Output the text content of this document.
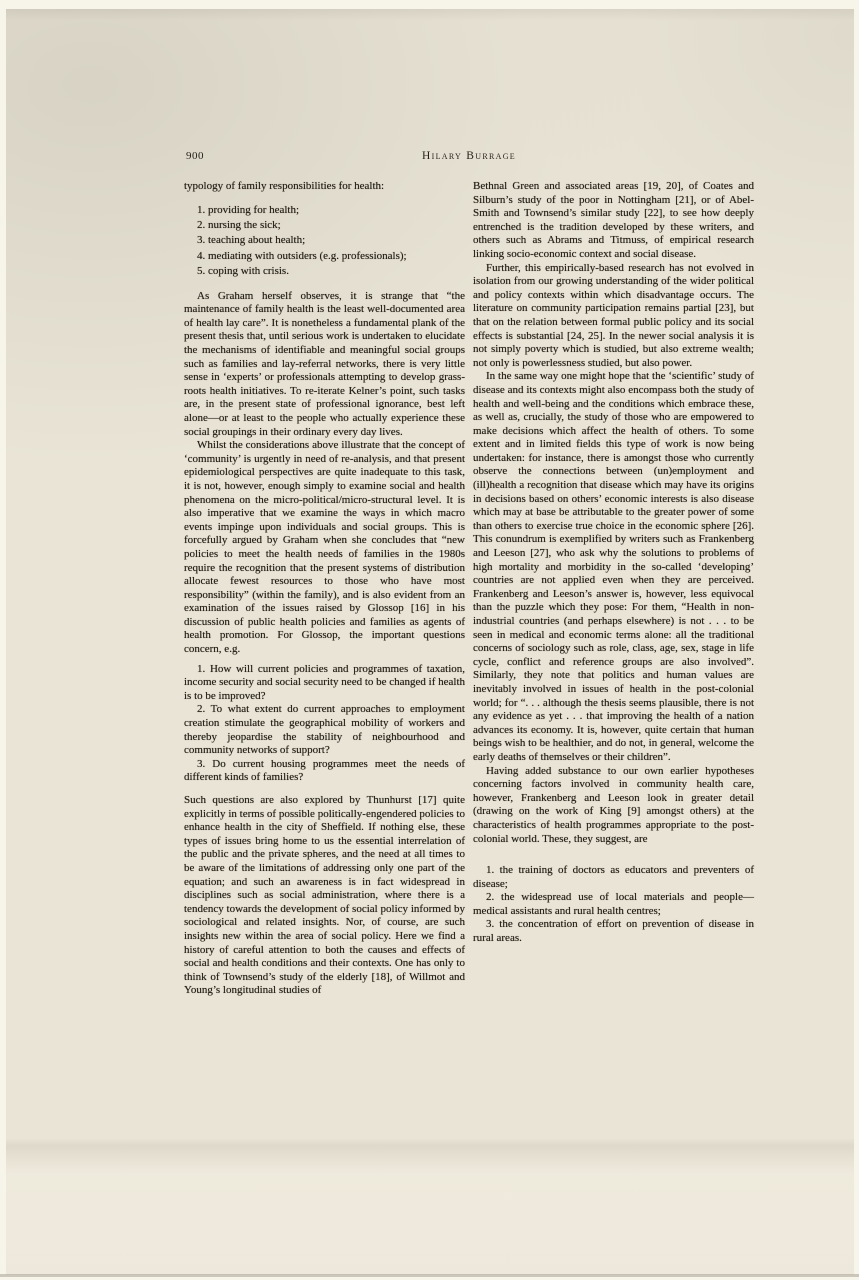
900	Hilary Burrage

typology of family responsibilities for health:

1. providing for health;

2. nursing the sick;

3. teaching about health;

4. mediating with outsiders (e.g. professionals);

5. coping with crisis.

As Graham herself observes, it is strange that “the maintenance of family health is the least well-documented area of health lay care”. It is nonetheless a fundamental plank of the present thesis that, until serious work is undertaken to elucidate the mechanisms of identifiable and meaningful social groups such as families and lay-referral networks, there is very little sense in ‘experts’ or professionals attempting to develop grass-roots health initiatives. To re-iterate Kelner’s point, such tasks are, in the present state of professional ignorance, best left alone—or at least to the people who actually experience these social groupings in their ordinary every day lives.

Whilst the considerations above illustrate that the concept of ‘community’ is urgently in need of re-analysis, and that present epidemiological perspectives are quite inadequate to this task, it is not, however, enough simply to examine social and health phenomena on the micro-political/micro-structural level. It is also imperative that we examine the ways in which macro events impinge upon individuals and social groups. This is forcefully argued by Graham when she concludes that “new policies to meet the health needs of families in the 1980s require the recognition that the present systems of distribution allocate fewest resources to those who have most responsibility” (within the family), and is also evident from an examination of the issues raised by Glossop [16] in his discussion of public health policies and families as agents of health promotion. For Glossop, the important questions concern, e.g.

1. How will current policies and programmes of taxation, income security and social security need to be changed if health is to be improved?

2. To what extent do current approaches to employment creation stimulate the geographical mobility of workers and thereby jeopardise the stability of neighbourhood and community networks of support?

3. Do current housing programmes meet the needs of different kinds of families?

Such questions are also explored by Thunhurst [17] quite explicitly in terms of possible politically-engendered policies to enhance health in the city of Sheffield. If nothing else, these types of issues bring home to us the essential interrelation of the public and the private spheres, and the need at all times to be aware of the limitations of addressing only one part of the equation; and such an awareness is in fact widespread in disciplines such as social administration, where there is a tendency towards the development of social policy informed by sociological and related insights. Nor, of course, are such insights new within the area of social policy. Here we find a history of careful attention to both the causes and effects of social and health conditions and their contexts. One has only to think of Townsend’s study of the elderly [18], of Willmot and Young’s longitudinal studies of

Bethnal Green and associated areas [19, 20], of Coates and Silburn’s study of the poor in Nottingham [21], or of Abel-Smith and Townsend’s similar study [22], to see how deeply entrenched is the tradition developed by these writers, and others such as Abrams and Titmuss, of empirical research linking socio-economic context and social disease.

Further, this empirically-based research has not evolved in isolation from our growing understanding of the wider political and policy contexts within which disadvantage occurs. The literature on community participation remains partial [23], but that on the relation between formal public policy and its social effects is substantial [24, 25]. In the newer social analysis it is not simply poverty which is studied, but also extreme wealth; not only is powerlessness studied, but also power.

In the same way one might hope that the ‘scientific’ study of disease and its contexts might also encompass both the study of health and well-being and the conditions which embrace these, as well as, crucially, the study of those who are empowered to make decisions which affect the health of others. To some extent and in limited fields this type of work is now being undertaken: for instance, there is amongst those who currently observe the connections between (un)employment and (ill)health a recognition that disease which may have its origins in decisions based on others’ economic interests is also disease which may at base be attributable to the greater power of some than others to exercise true choice in the economic sphere [26]. This conundrum is exemplified by writers such as Frankenberg and Leeson [27], who ask why the solutions to problems of high mortality and morbidity in the so-called ‘developing’ countries are not applied even when they are perceived. Frankenberg and Leeson’s answer is, however, less equivocal than the puzzle which they pose: For them, “Health in non-industrial countries (and perhaps elsewhere) is not . . . to be seen in medical and economic terms alone: all the traditional concerns of sociology such as role, class, age, sex, stage in life cycle, conflict and reference groups are also involved”. Similarly, they note that politics and human values are inevitably involved in issues of health in the post-colonial world; for “. . . although the thesis seems plausible, there is not any evidence as yet . . . that improving the health of a nation advances its economy. It is, however, quite certain that human beings wish to be healthier, and do not, in general, welcome the early deaths of themselves or their children”.

Having added substance to our own earlier hypotheses concerning factors involved in community health care, however, Frankenberg and Leeson look in greater detail (drawing on the work of King [9] amongst others) at the characteristics of health programmes appropriate to the post-colonial world. These, they suggest, are

1. the training of doctors as educators and preventers of disease;

2. the widespread use of local materials and people—medical assistants and rural health centres;

3. the concentration of effort on prevention of disease in rural areas.
